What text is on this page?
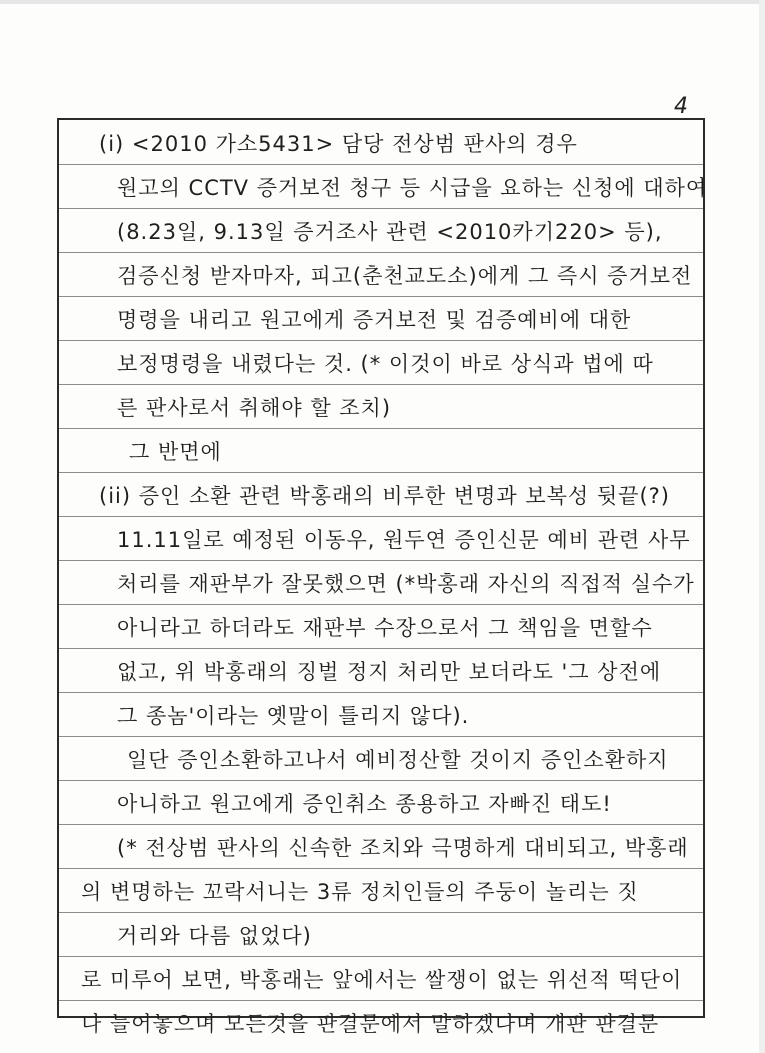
4
(i) <2010 가소5431> 담당 전상범 판사의 경우
원고의 CCTV 증거보전 청구 등 시급을 요하는 신청에 대하여
(8.23일, 9.13일 증거조사 관련 <2010카기220> 등),
검증신청 받자마자, 피고(춘천교도소)에게 그 즉시 증거보전
명령을 내리고 원고에게 증거보전 및 검증예비에 대한
보정명령을 내렸다는 것. (* 이것이 바로 상식과 법에 따
른 판사로서 취해야 할 조치)
그 반면에
(ii) 증인 소환 관련 박홍래의 비루한 변명과 보복성 뒷끝(?)
11.11일로 예정된 이동우, 원두연 증인신문 예비 관련 사무
처리를 재판부가 잘못했으면 (*박홍래 자신의 직접적 실수가
아니라고 하더라도 재판부 수장으로서 그 책임을 면할수
없고, 위 박홍래의 징벌 정지 처리만 보더라도 '그 상전에
그 종놈'이라는 옛말이 틀리지 않다).
일단 증인소환하고나서 예비정산할 것이지 증인소환하지
아니하고 원고에게 증인취소 종용하고 자빠진 태도!
(* 전상범 판사의 신속한 조치와 극명하게 대비되고, 박홍래
의 변명하는 꼬락서니는 3류 정치인들의 주둥이 놀리는 짓
거리와 다름 없었다)
로 미루어 보면, 박홍래는 앞에서는 쌀쟁이 없는 위선적 떡단이
나 늘어놓으며 모든것을 판결문에서 말하겠다며 개판 판결문
